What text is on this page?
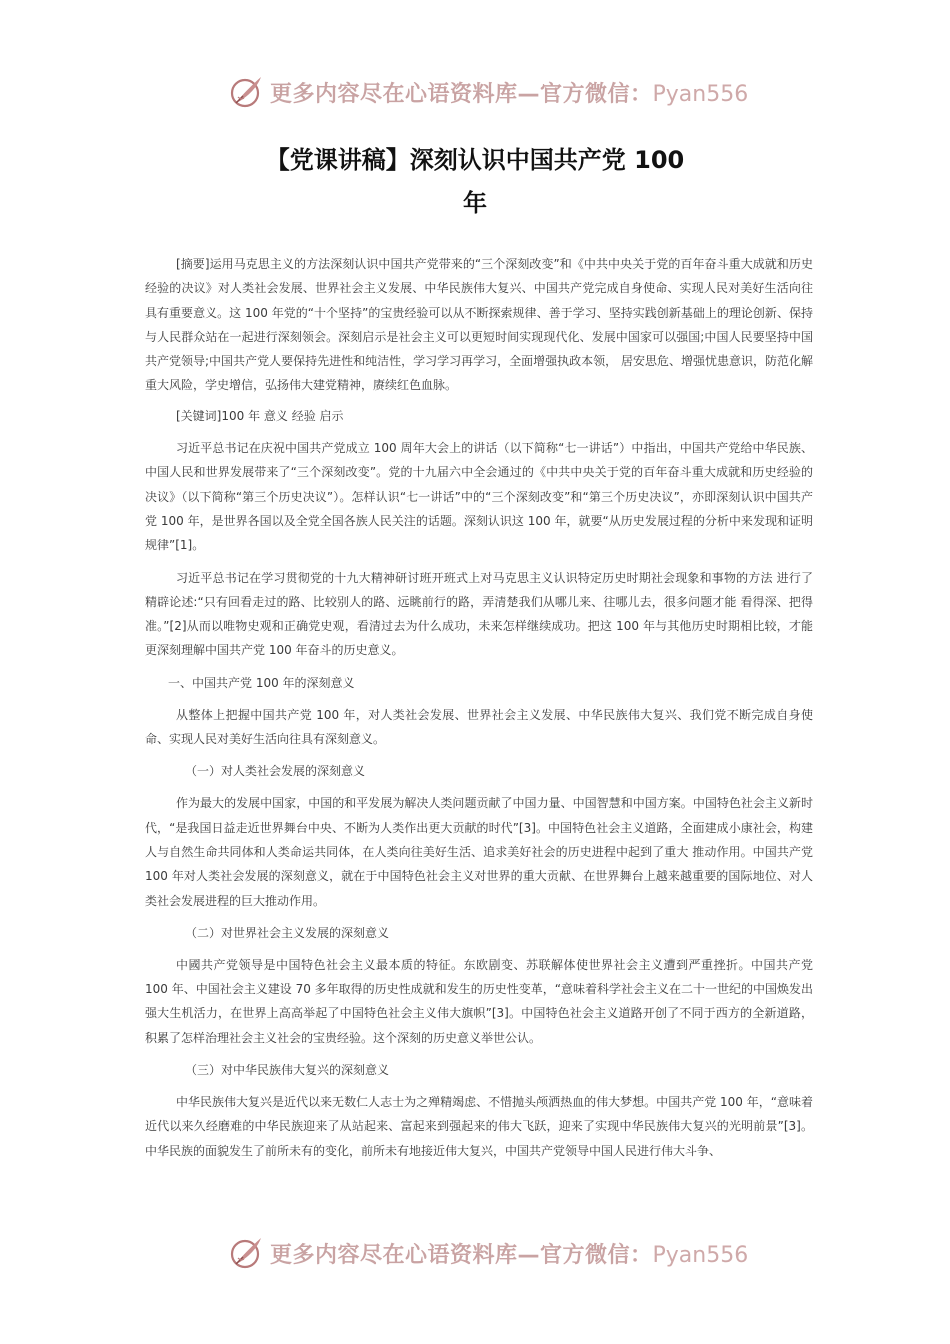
更多内容尽在心语资料库—官方微信：Pyan556
【党课讲稿】深刻认识中国共产党 100
年

[摘要]运用马克思主义的方法深刻认识中国共产党带来的“三个深刻改变”和《中共中央关于党的百年奋斗重大成就和历史经验的决议》对人类社会发展、世界社会主义发展、中华民族伟大复兴、中国共产党完成自身使命、实现人民对美好生活向往具有重要意义。这 100 年党的“十个坚持”的宝贵经验可以从不断探索规律、善于学习、坚持实践创新基础上的理论创新、保持与人民群众站在一起进行深刻领会。深刻启示是社会主义可以更短时间实现现代化、发展中国家可以强国;中国人民要坚持中国共产党领导;中国共产党人要保持先进性和纯洁性，学习学习再学习，全面增强执政本领， 居安思危、增强忧患意识，防范化解重大风险，学史增信，弘扬伟大建党精神，赓续红色血脉。

[关键词]100 年 意义 经验 启示

习近平总书记在庆祝中国共产党成立 100 周年大会上的讲话（以下简称“七一讲话”）中指出，中国共产党给中华民族、中国人民和世界发展带来了“三个深刻改变”。党的十九届六中全会通过的《中共中央关于党的百年奋斗重大成就和历史经验的决议》（以下简称“第三个历史决议”）。怎样认识“七一讲话”中的“三个深刻改变”和“第三个历史决议”，亦即深刻认识中国共产党 100 年，是世界各国以及全党全国各族人民关注的话题。深刻认识这 100 年，就要“从历史发展过程的分析中来发现和证明规律”[1]。

习近平总书记在学习贯彻党的十九大精神研讨班开班式上对马克思主义认识特定历史时期社会现象和事物的方法 进行了精辟论述:“只有回看走过的路、比较别人的路、远眺前行的路，弄清楚我们从哪儿来、往哪儿去，很多问题才能 看得深、把得准。”[2]从而以唯物史观和正确党史观，看清过去为什么成功，未来怎样继续成功。把这 100 年与其他历史时期相比较，才能更深刻理解中国共产党 100 年奋斗的历史意义。

一、中国共产党 100 年的深刻意义

从整体上把握中国共产党 100 年，对人类社会发展、世界社会主义发展、中华民族伟大复兴、我们党不断完成自身使命、实现人民对美好生活向往具有深刻意义。

（一）对人类社会发展的深刻意义

作为最大的发展中国家，中国的和平发展为解决人类问题贡献了中国力量、中国智慧和中国方案。中国特色社会主义新时代，“是我国日益走近世界舞台中央、不断为人类作出更大贡献的时代”[3]。中国特色社会主义道路，全面建成小康社会，构建人与自然生命共同体和人类命运共同体，在人类向往美好生活、追求美好社会的历史进程中起到了重大 推动作用。中国共产党 100 年对人类社会发展的深刻意义，就在于中国特色社会主义对世界的重大贡献、在世界舞台上越来越重要的国际地位、对人类社会发展进程的巨大推动作用。

（二）对世界社会主义发展的深刻意义

中國共产党领导是中国特色社会主义最本质的特征。东欧剧变、苏联解体使世界社会主义遭到严重挫折。中国共产党 100 年、中国社会主义建设 70 多年取得的历史性成就和发生的历史性变革，“意味着科学社会主义在二十一世纪的中国焕发出强大生机活力，在世界上高高举起了中国特色社会主义伟大旗帜”[3]。中国特色社会主义道路开创了不同于西方的全新道路，积累了怎样治理社会主义社会的宝贵经验。这个深刻的历史意义举世公认。

（三）对中华民族伟大复兴的深刻意义

中华民族伟大复兴是近代以来无数仁人志士为之殚精竭虑、不惜抛头颅洒热血的伟大梦想。中国共产党 100 年，“意味着近代以来久经磨难的中华民族迎来了从站起来、富起来到强起来的伟大飞跃，迎来了实现中华民族伟大复兴的光明前景”[3]。中华民族的面貌发生了前所未有的变化，前所未有地接近伟大复兴，中国共产党领导中国人民进行伟大斗争、

更多内容尽在心语资料库—官方微信：Pyan556
